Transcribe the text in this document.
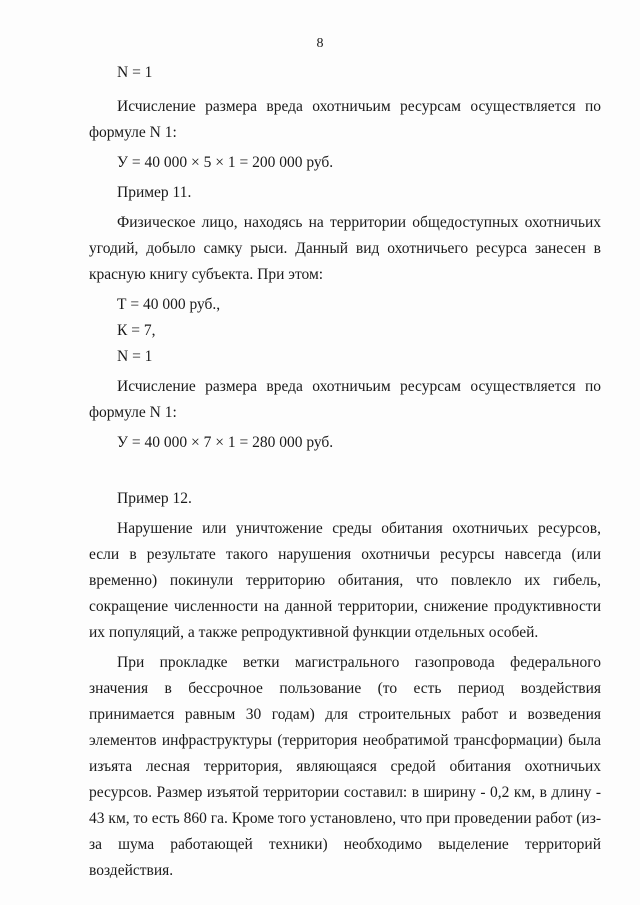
8

N = 1

Исчисление размера вреда охотничьим ресурсам осуществляется по формуле N 1:

У = 40 000 × 5 × 1 = 200 000 руб.

Пример 11.

Физическое лицо, находясь на территории общедоступных охотничьих угодий, добыло самку рыси. Данный вид охотничьего ресурса занесен в красную книгу субъекта. При этом:

Т = 40 000 руб.,

К = 7,

N = 1

Исчисление размера вреда охотничьим ресурсам осуществляется по формуле N 1:

У = 40 000 × 7 × 1 = 280 000 руб.

Пример 12.

Нарушение или уничтожение среды обитания охотничьих ресурсов, если в результате такого нарушения охотничьи ресурсы навсегда (или временно) покинули территорию обитания, что повлекло их гибель, сокращение численности на данной территории, снижение продуктивности их популяций, а также репродуктивной функции отдельных особей.

При прокладке ветки магистрального газопровода федерального значения в бессрочное пользование (то есть период воздействия принимается равным 30 годам) для строительных работ и возведения элементов инфраструктуры (территория необратимой трансформации) была изъята лесная территория, являющаяся средой обитания охотничьих ресурсов. Размер изъятой территории составил: в ширину - 0,2 км, в длину - 43 км, то есть 860 га. Кроме того установлено, что при проведении работ (из-за шума работающей техники) необходимо выделение территорий воздействия.
